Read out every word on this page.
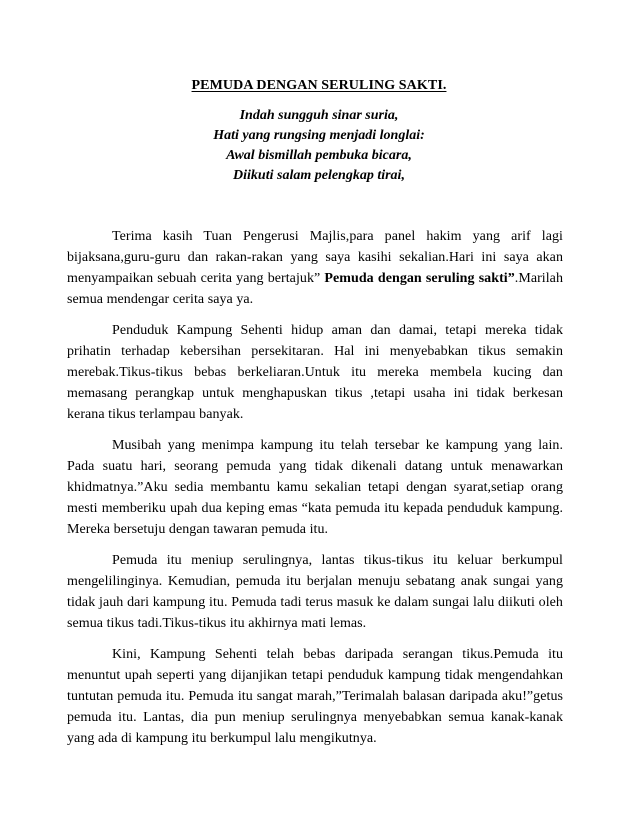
PEMUDA DENGAN SERULING SAKTI.
Indah sungguh sinar suria,
Hati yang rungsing menjadi longlai:
Awal bismillah pembuka bicara,
Diikuti salam pelengkap tirai,

Terima kasih Tuan Pengerusi Majlis,para panel hakim yang arif lagi bijaksana,guru-guru dan rakan-rakan yang saya kasihi sekalian.Hari ini saya akan menyampaikan sebuah cerita yang bertajuk” Pemuda dengan seruling sakti”.Marilah semua mendengar cerita saya ya.

Penduduk Kampung Sehenti hidup aman dan damai, tetapi mereka tidak prihatin terhadap kebersihan persekitaran. Hal ini menyebabkan tikus semakin merebak.Tikus-tikus bebas berkeliaran.Untuk itu mereka membela kucing dan memasang perangkap untuk menghapuskan tikus ,tetapi usaha ini tidak berkesan kerana tikus terlampau banyak.

Musibah yang menimpa kampung itu telah tersebar ke kampung yang lain. Pada suatu hari, seorang pemuda yang tidak dikenali datang untuk menawarkan khidmatnya.”Aku sedia membantu kamu sekalian tetapi dengan syarat,setiap orang mesti memberiku upah dua keping emas “kata pemuda itu kepada penduduk kampung. Mereka bersetuju dengan tawaran pemuda itu.

Pemuda itu meniup serulingnya, lantas tikus-tikus itu keluar berkumpul mengelilinginya. Kemudian, pemuda itu berjalan menuju sebatang anak sungai yang tidak jauh dari kampung itu. Pemuda tadi terus masuk ke dalam sungai lalu diikuti oleh semua tikus tadi.Tikus-tikus itu akhirnya mati lemas.

Kini, Kampung Sehenti telah bebas daripada serangan tikus.Pemuda itu menuntut upah seperti yang dijanjikan tetapi penduduk kampung tidak mengendahkan tuntutan pemuda itu. Pemuda itu sangat marah,”Terimalah balasan daripada aku!”getus pemuda itu. Lantas, dia pun meniup serulingnya menyebabkan semua kanak-kanak yang ada di kampung itu berkumpul lalu mengikutnya.
